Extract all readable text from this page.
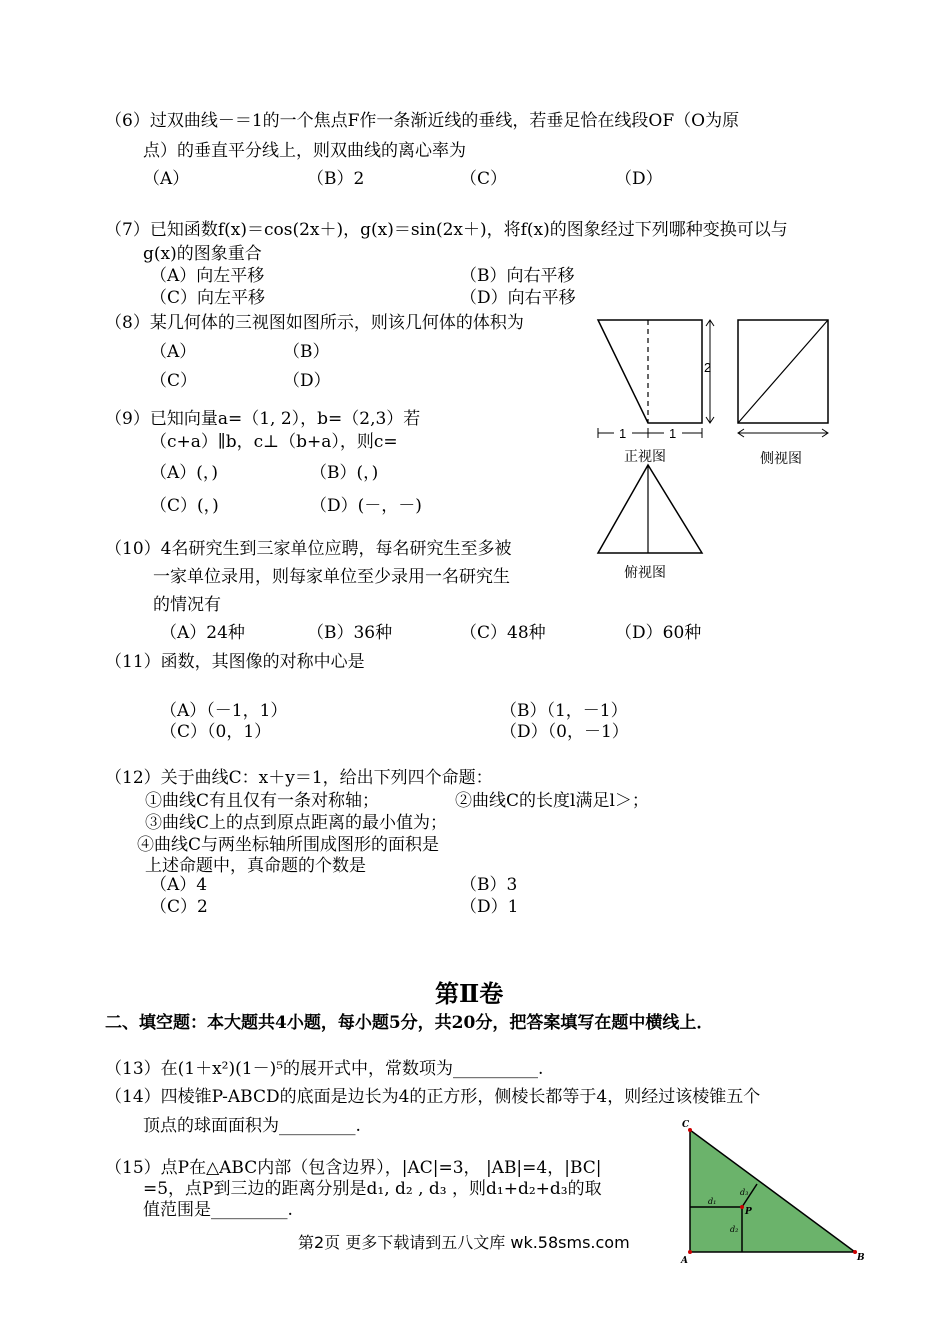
（6）过双曲线－＝1的一个焦点F作一条渐近线的垂线，若垂足恰在线段OF（O为原
点）的垂直平分线上，则双曲线的离心率为
（A）	（B）2	（C）	（D）
（7）已知函数f(x)＝cos(2x＋)，g(x)＝sin(2x＋)，将f(x)的图象经过下列哪种变换可以与
g(x)的图象重合
（A）向左平移	（B）向右平移
（C）向左平移	（D）向右平移
（8）某几何体的三视图如图所示，则该几何体的体积为
（A）	（B）
（C）	（D）
（9）已知向量a=（1, 2），b=（2,3）若
（c+a）∥b，c⊥（b+a），则c=
（A）(，)	（B）(，)
（C）(，)	（D）(－，－)
2
1	1
正视图	侧视图
俯视图
（10）4名研究生到三家单位应聘，每名研究生至多被
一家单位录用，则每家单位至少录用一名研究生
的情况有
（A）24种	（B）36种	（C）48种	（D）60种
（11）函数，其图像的对称中心是
（A）（－1，1）	（B）（1，－1）
（C）（0，1）	（D）（0，－1）
（12）关于曲线C：x＋y＝1，给出下列四个命题：
①曲线C有且仅有一条对称轴；	②曲线C的长度l满足l＞；
③曲线C上的点到原点距离的最小值为；
④曲线C与两坐标轴所围成图形的面积是
上述命题中，真命题的个数是
（A）4	（B）3
（C）2	（D）1
第Ⅱ卷
二、填空题：本大题共4小题，每小题5分，共20分，把答案填写在题中横线上．
（13）在(1＋x²)(1－)⁵的展开式中，常数项为__________.
（14）四棱锥P-ABCD的底面是边长为4的正方形，侧棱长都等于4，则经过该棱锥五个
顶点的球面面积为_________.
（15）点P在△ABC内部（包含边界），|AC|=3， |AB|=4，|BC|
=5，点P到三边的距离分别是d₁, d₂ , d₃ ，则d₁+d₂+d₃的取
值范围是_________.
C
A	B
P
d₁
d₂
d₃
第2页 更多下载请到五八文库 wk.58sms.com
